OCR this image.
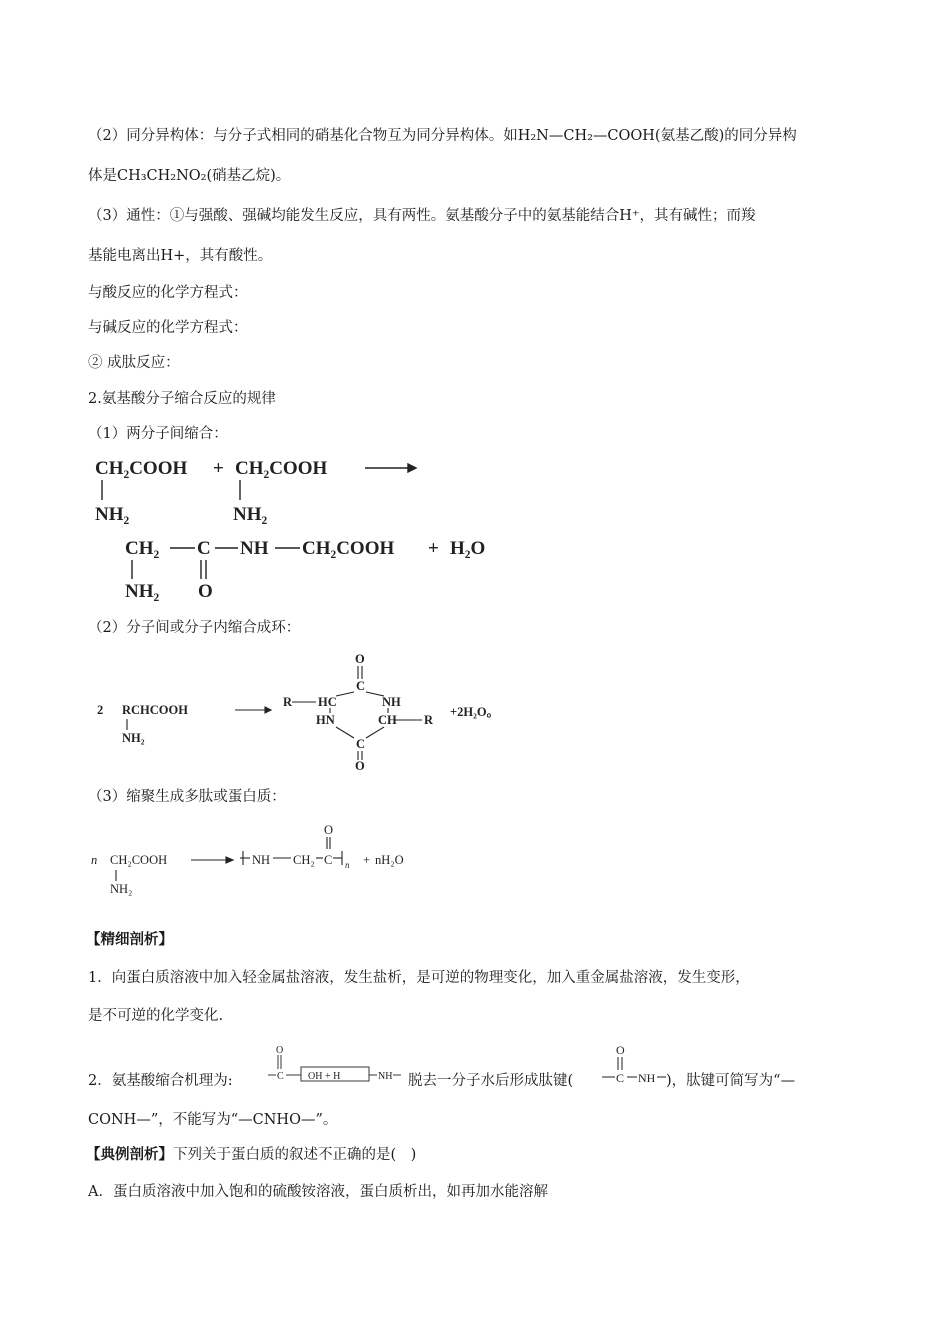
（2）同分异构体：与分子式相同的硝基化合物互为同分异构体。如H₂N—CH₂—COOH(氨基乙酸)的同分异构
体是CH₃CH₂NO₂(硝基乙烷)。
（3）通性：①与强酸、强碱均能发生反应，具有两性。氨基酸分子中的氨基能结合H⁺，其有碱性；而羧
基能电离出H+，其有酸性。
与酸反应的化学方程式：
与碱反应的化学方程式：
② 成肽反应：
2.氨基酸分子缩合反应的规律
（1）两分子间缩合：
CH₂COOH + CH₂COOH
NH₂	NH₂
CH₂ C NH CH₂COOH + H₂O
NH₂ O
（2）分子间或分子内缩合成环：
2 RCHCOOH
NH₂
O
C
R HC	NH
HN	CH R
C
O
+2H₂O。
（3）缩聚生成多肽或蛋白质：
n CH₂COOH
NH₂
NH CH₂ C
O
n + nH₂O
【精细剖析】
1．向蛋白质溶液中加入轻金属盐溶液，发生盐析，是可逆的物理变化，加入重金属盐溶液，发生变形，
是不可逆的化学变化.
2．氨基酸缩合机理为:
O
C OH + H	NH 脱去一分子水后形成肽键(
O
C NH )，肽键可简写为“—
CONH—”，不能写为“—CNHO—”。
【典例剖析】下列关于蛋白质的叙述不正确的是(　)
A．蛋白质溶液中加入饱和的硫酸铵溶液，蛋白质析出，如再加水能溶解
